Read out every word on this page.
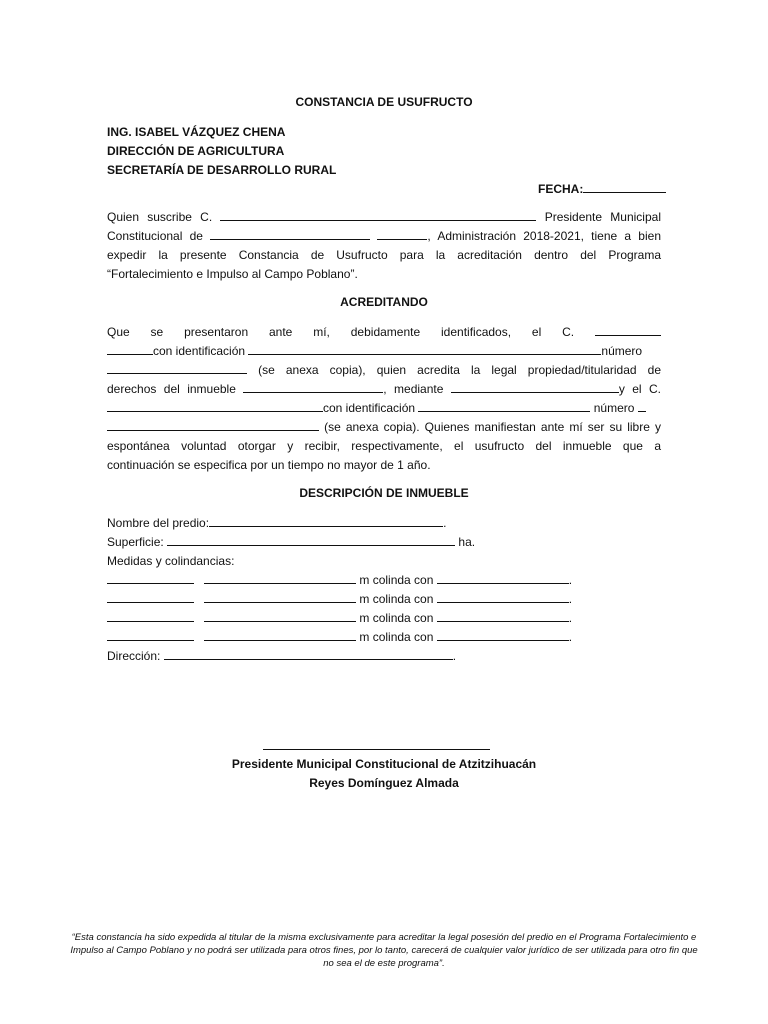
CONSTANCIA DE USUFRUCTO
ING. ISABEL VÁZQUEZ CHENA
DIRECCIÓN DE AGRICULTURA
SECRETARÍA DE DESARROLLO RURAL
FECHA:
Quien suscribe C.	Presidente Municipal
Constitucional de	, Administración 2018-2021, tiene a bien
expedir la presente Constancia de Usufructo para la acreditación dentro del Programa
“Fortalecimiento e Impulso al Campo Poblano”.
ACREDITANDO
Que se presentaron ante mí, debidamente identificados, el C.
con identificación	número
(se anexa copia), quien acredita la legal propiedad/titularidad de
derechos del inmueble	, mediante	y el C.
con identificación	número
(se anexa copia). Quienes manifiestan ante mí ser su libre y
espontánea voluntad otorgar y recibir, respectivamente, el usufructo del inmueble que a
continuación se especifica por un tiempo no mayor de 1 año.
DESCRIPCIÓN DE INMUEBLE
Nombre del predio:	.
Superficie:	ha.
Medidas y colindancias:
m colinda con	.
m colinda con	.
m colinda con	.
m colinda con	.
Dirección:	.
Presidente Municipal Constitucional de Atzitzihuacán
Reyes Domínguez Almada
“Esta constancia ha sido expedida al titular de la misma exclusivamente para acreditar la legal posesión del predio en el Programa Fortalecimiento e Impulso al Campo Poblano y no podrá ser utilizada para otros fines, por lo tanto, carecerá de cualquier valor jurídico de ser utilizada para otro fin que no sea el de este programa”.
